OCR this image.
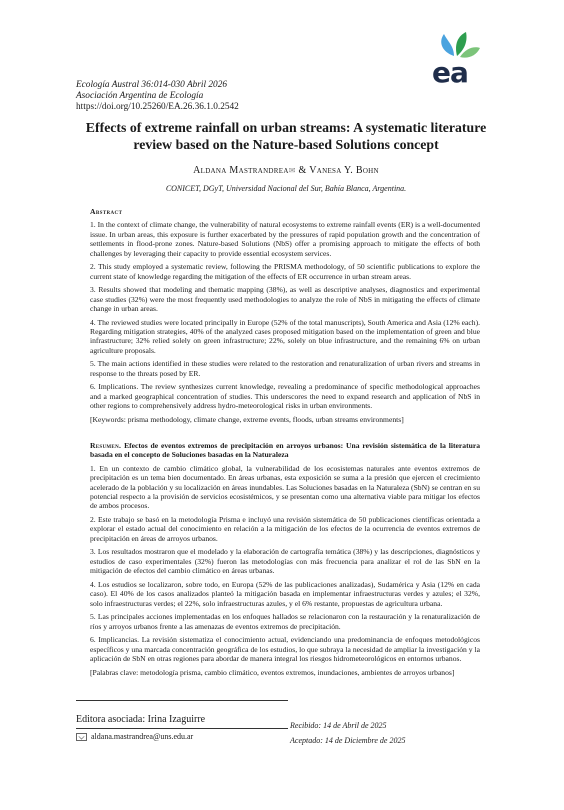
ea
Ecología Austral 36:014-030 Abril 2026
Asociación Argentina de Ecología
https://doi.org/10.25260/EA.26.36.1.0.2542
Effects of extreme rainfall on urban streams: A systematic literature review based on the Nature-based Solutions concept
Aldana Mastrandrea✉ & Vanesa Y. Bohn
CONICET, DGyT, Universidad Nacional del Sur, Bahía Blanca, Argentina.
Abstract

1. In the context of climate change, the vulnerability of natural ecosystems to extreme rainfall events (ER) is a well-documented issue. In urban areas, this exposure is further exacerbated by the pressures of rapid population growth and the concentration of settlements in flood-prone zones. Nature-based Solutions (NbS) offer a promising approach to mitigate the effects of both challenges by leveraging their capacity to provide essential ecosystem services.

2. This study employed a systematic review, following the PRISMA methodology, of 50 scientific publications to explore the current state of knowledge regarding the mitigation of the effects of ER occurrence in urban stream areas.

3. Results showed that modeling and thematic mapping (38%), as well as descriptive analyses, diagnostics and experimental case studies (32%) were the most frequently used methodologies to analyze the role of NbS in mitigating the effects of climate change in urban areas.

4. The reviewed studies were located principally in Europe (52% of the total manuscripts), South America and Asia (12% each). Regarding mitigation strategies, 40% of the analyzed cases proposed mitigation based on the implementation of green and blue infrastructure; 32% relied solely on green infrastructure; 22%, solely on blue infrastructure, and the remaining 6% on urban agriculture proposals.

5. The main actions identified in these studies were related to the restoration and renaturalization of urban rivers and streams in response to the threats posed by ER.

6. Implications. The review synthesizes current knowledge, revealing a predominance of specific methodological approaches and a marked geographical concentration of studies. This underscores the need to expand research and application of NbS in other regions to comprehensively address hydro-meteorological risks in urban environments.

[Keywords: prisma methodology, climate change, extreme events, floods, urban streams environments]

Resumen. Efectos de eventos extremos de precipitación en arroyos urbanos: Una revisión sistemática de la literatura basada en el concepto de Soluciones basadas en la Naturaleza

1. En un contexto de cambio climático global, la vulnerabilidad de los ecosistemas naturales ante eventos extremos de precipitación es un tema bien documentado. En áreas urbanas, esta exposición se suma a la presión que ejercen el crecimiento acelerado de la población y su localización en áreas inundables. Las Soluciones basadas en la Naturaleza (SbN) se centran en su potencial respecto a la provisión de servicios ecosistémicos, y se presentan como una alternativa viable para mitigar los efectos de ambos procesos.

2. Este trabajo se basó en la metodología Prisma e incluyó una revisión sistemática de 50 publicaciones científicas orientada a explorar el estado actual del conocimiento en relación a la mitigación de los efectos de la ocurrencia de eventos extremos de precipitación en áreas de arroyos urbanos.

3. Los resultados mostraron que el modelado y la elaboración de cartografía temática (38%) y las descripciones, diagnósticos y estudios de caso experimentales (32%) fueron las metodologías con más frecuencia para analizar el rol de las SbN en la mitigación de efectos del cambio climático en áreas urbanas.

4. Los estudios se localizaron, sobre todo, en Europa (52% de las publicaciones analizadas), Sudamérica y Asia (12% en cada caso). El 40% de los casos analizados planteó la mitigación basada en implementar infraestructuras verdes y azules; el 32%, solo infraestructuras verdes; el 22%, solo infraestructuras azules, y el 6% restante, propuestas de agricultura urbana.

5. Las principales acciones implementadas en los enfoques hallados se relacionaron con la restauración y la renaturalización de ríos y arroyos urbanos frente a las amenazas de eventos extremos de precipitación.

6. Implicancias. La revisión sistematiza el conocimiento actual, evidenciando una predominancia de enfoques metodológicos específicos y una marcada concentración geográfica de los estudios, lo que subraya la necesidad de ampliar la investigación y la aplicación de SbN en otras regiones para abordar de manera integral los riesgos hidrometeorológicos en entornos urbanos.

[Palabras clave: metodología prisma, cambio climático, eventos extremos, inundaciones, ambientes de arroyos urbanos]

Editora asociada: Irina Izaguirre
aldana.mastrandrea@uns.edu.ar
Recibido: 14 de Abril de 2025
Aceptado: 14 de Diciembre de 2025
